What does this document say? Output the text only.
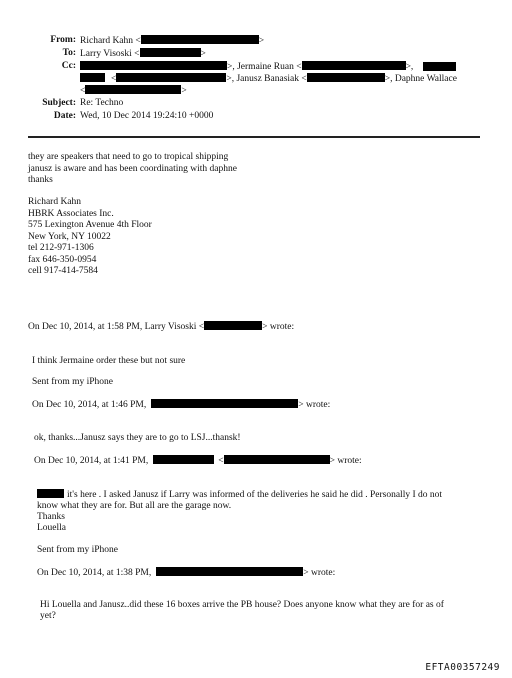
From: Richard Kahn <	>
To: Larry Visoski <	>
Cc:	>, Jermaine Ruan <	>,
<	>, Janusz Banasiak <	>, Daphne Wallace
<	>
Subject: Re: Techno
Date: Wed, 10 Dec 2014 19:24:10 +0000
they are speakers that need to go to tropical shipping
janusz is aware and has been coordinating with daphne
thanks
Richard Kahn
HBRK Associates Inc.
575 Lexington Avenue 4th Floor
New York, NY 10022
tel 212-971-1306
fax 646-350-0954
cell 917-414-7584
On Dec 10, 2014, at 1:58 PM, Larry Visoski <	> wrote:
I think Jermaine order these but not sure
Sent from my iPhone
On Dec 10, 2014, at 1:46 PM,	> wrote:
ok, thanks...Janusz says they are to go to LSJ...thansk!
On Dec 10, 2014, at 1:41 PM,	<	> wrote:
it's here . I asked Janusz if Larry was informed of the deliveries he said he did . Personally I do not
know what they are for. But all are the garage now.
Thanks
Louella
Sent from my iPhone
On Dec 10, 2014, at 1:38 PM,	> wrote:
Hi Louella and Janusz..did these 16 boxes arrive the PB house? Does anyone know what they are for as of
yet?
EFTA00357249
